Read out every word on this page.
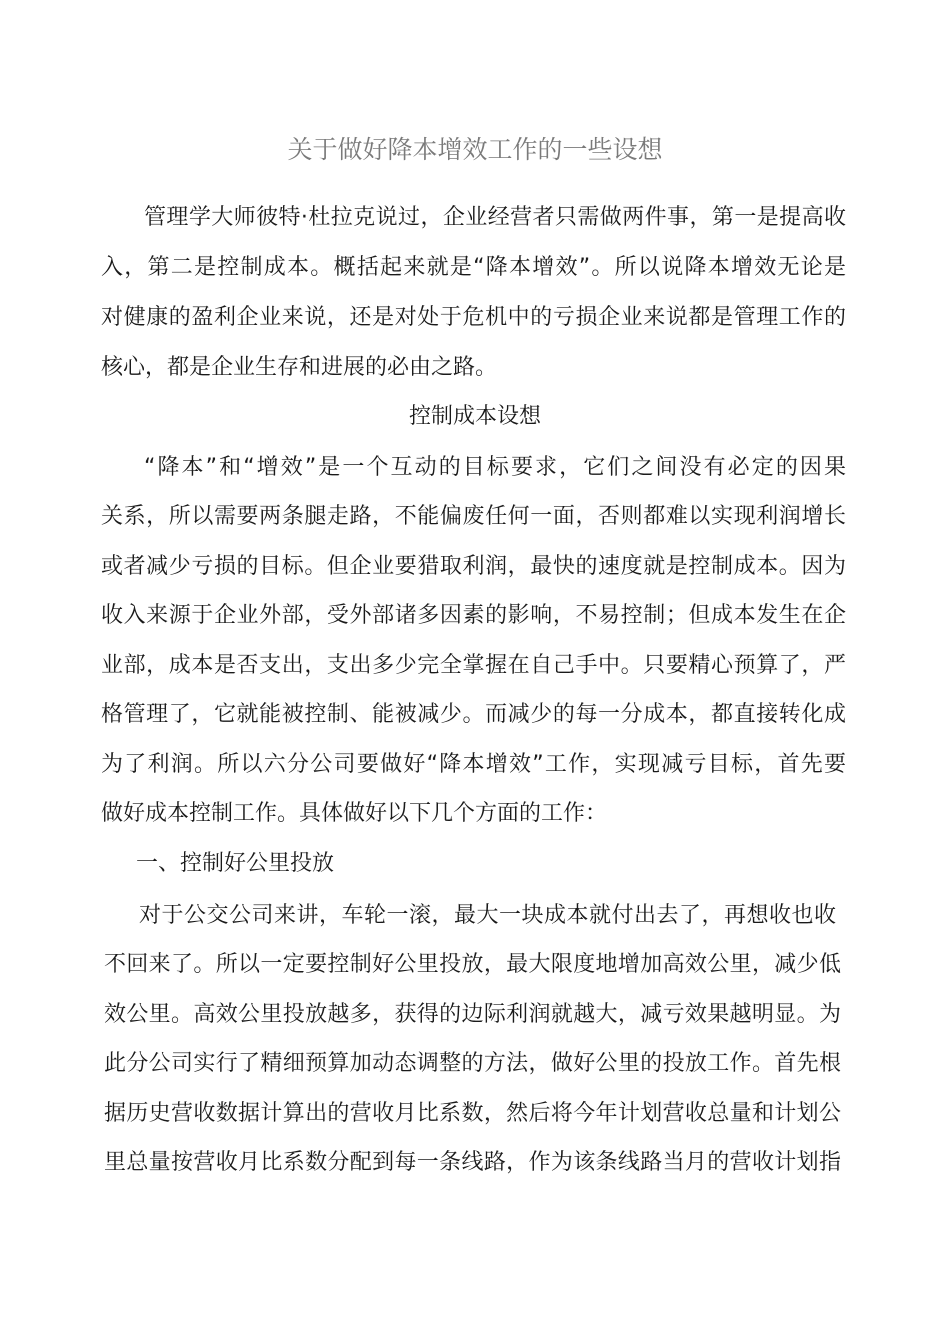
关于做好降本增效工作的一些设想
管理学大师彼特·杜拉克说过，企业经营者只需做两件事，第一是提高收
入，第二是控制成本。概括起来就是“降本增效”。所以说降本增效无论是
对健康的盈利企业来说，还是对处于危机中的亏损企业来说都是管理工作的
核心，都是企业生存和进展的必由之路。
控制成本设想
“降本”和“增效”是一个互动的目标要求，它们之间没有必定的因果
关系，所以需要两条腿走路，不能偏废任何一面，否则都难以实现利润增长
或者减少亏损的目标。但企业要猎取利润，最快的速度就是控制成本。因为
收入来源于企业外部，受外部诸多因素的影响，不易控制；但成本发生在企
业部，成本是否支出，支出多少完全掌握在自己手中。只要精心预算了，严
格管理了，它就能被控制、能被减少。而减少的每一分成本，都直接转化成
为了利润。所以六分公司要做好“降本增效”工作，实现减亏目标，首先要
做好成本控制工作。具体做好以下几个方面的工作：
一、控制好公里投放
对于公交公司来讲，车轮一滚，最大一块成本就付出去了，再想收也收
不回来了。所以一定要控制好公里投放，最大限度地增加高效公里，减少低
效公里。高效公里投放越多，获得的边际利润就越大，减亏效果越明显。为
此分公司实行了精细预算加动态调整的方法，做好公里的投放工作。首先根
据历史营收数据计算出的营收月比系数，然后将今年计划营收总量和计划公
里总量按营收月比系数分配到每一条线路，作为该条线路当月的营收计划指
